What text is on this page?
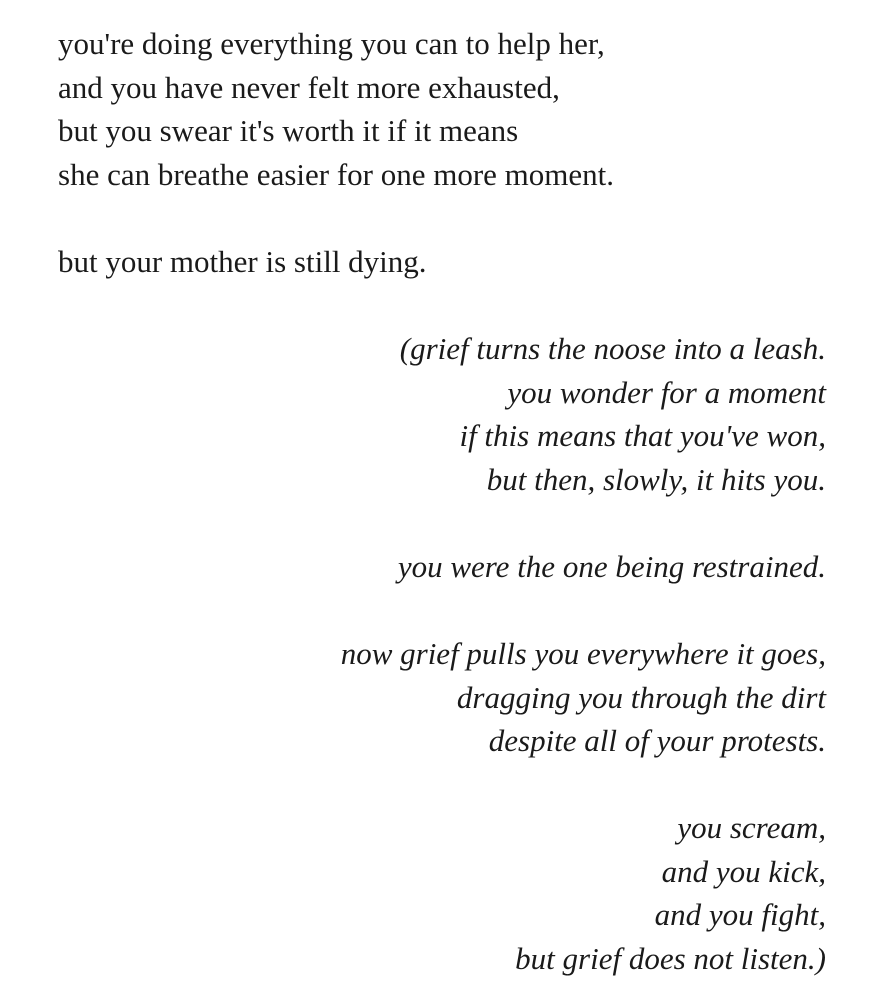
you're doing everything you can to help her,
and you have never felt more exhausted,
but you swear it's worth it if it means
she can breathe easier for one more moment.
but your mother is still dying.
(grief turns the noose into a leash.
you wonder for a moment
if this means that you've won,
but then, slowly, it hits you.
you were the one being restrained.
now grief pulls you everywhere it goes,
dragging you through the dirt
despite all of your protests.
you scream,
and you kick,
and you fight,
but grief does not listen.)
